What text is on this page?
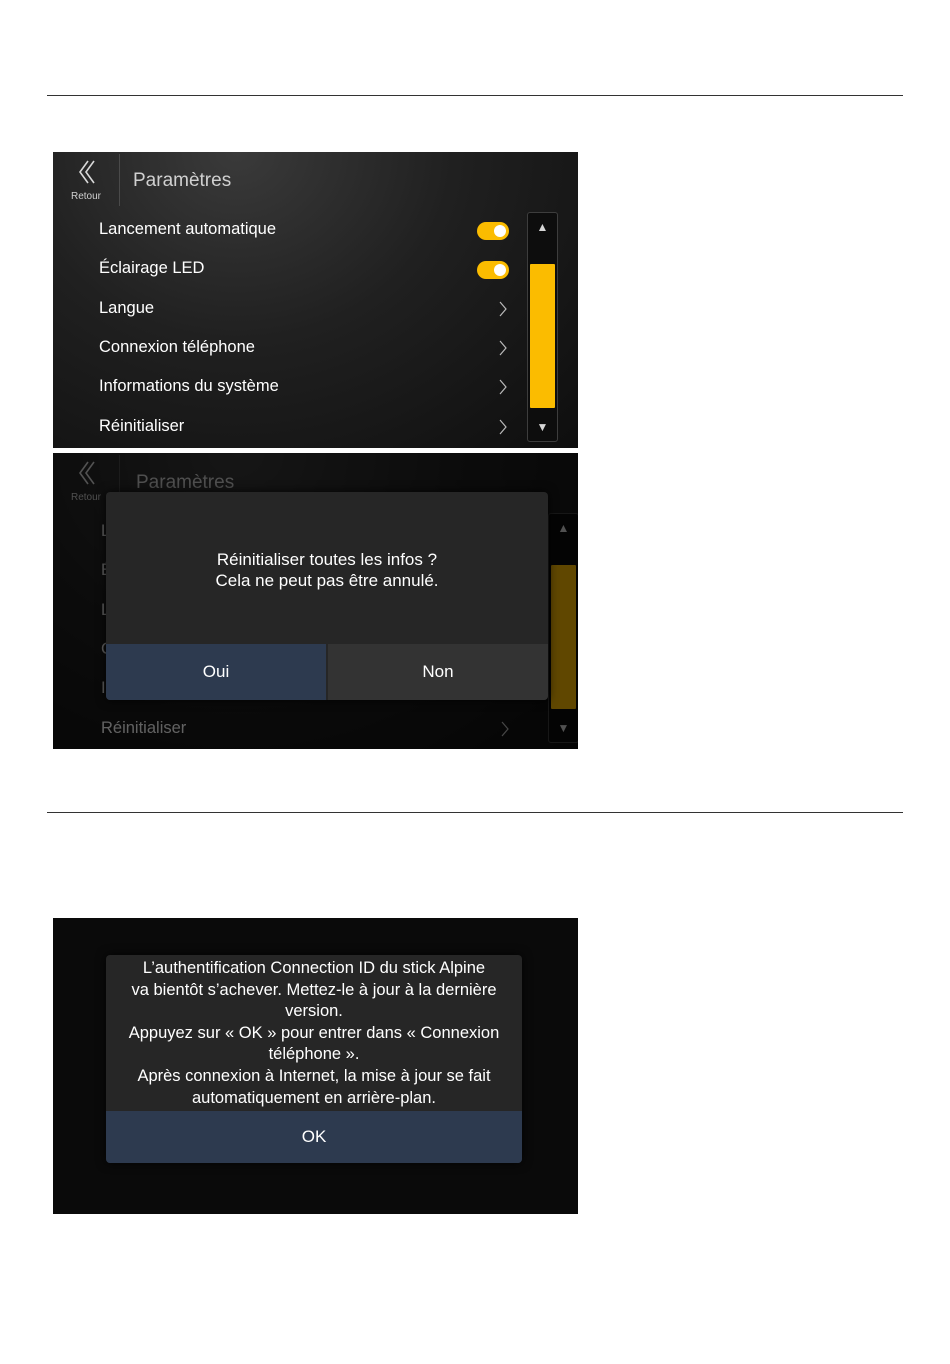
Retour
Paramètres
Lancement automatique
Éclairage LED
Langue
Connexion téléphone
Informations du système
Réinitialiser
▲
▼
Réinitialiser toutes les infos ?
Cela ne peut pas être annulé.
Oui	Non
L’authentification Connection ID du stick Alpine
va bientôt s’achever. Mettez-le à jour à la dernière
version.
Appuyez sur « OK » pour entrer dans « Connexion
téléphone ».
Après connexion à Internet, la mise à jour se fait
automatiquement en arrière-plan.
OK
